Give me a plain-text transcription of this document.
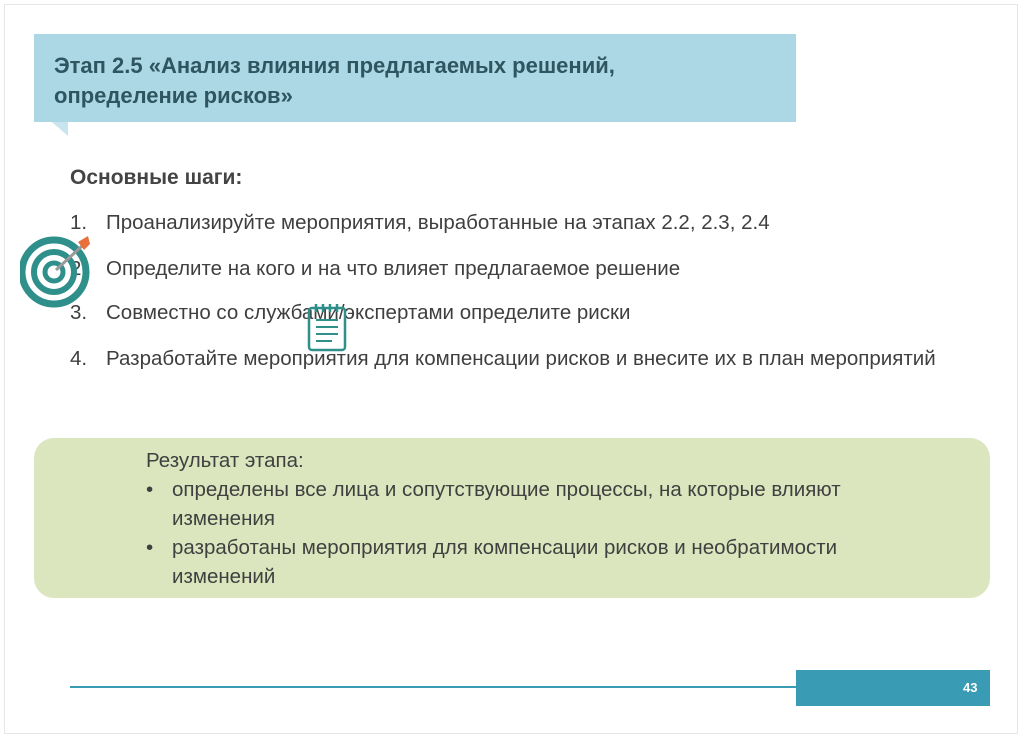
Этап 2.5 «Анализ влияния предлагаемых решений,
определение рисков»

Основные шаги:
1. Проанализируйте мероприятия, выработанные на этапах 2.2, 2.3, 2.4
2. Определите на кого и на что влияет предлагаемое решение
3. Совместно со службами/экспертами определите риски
4. Разработайте мероприятия для компенсации рисков и внесите их в план мероприятий

Результат этапа:

• определены все лица и сопутствующие процессы, на которые влияют изменения
• разработаны мероприятия для компенсации рисков и необратимости изменений
43
